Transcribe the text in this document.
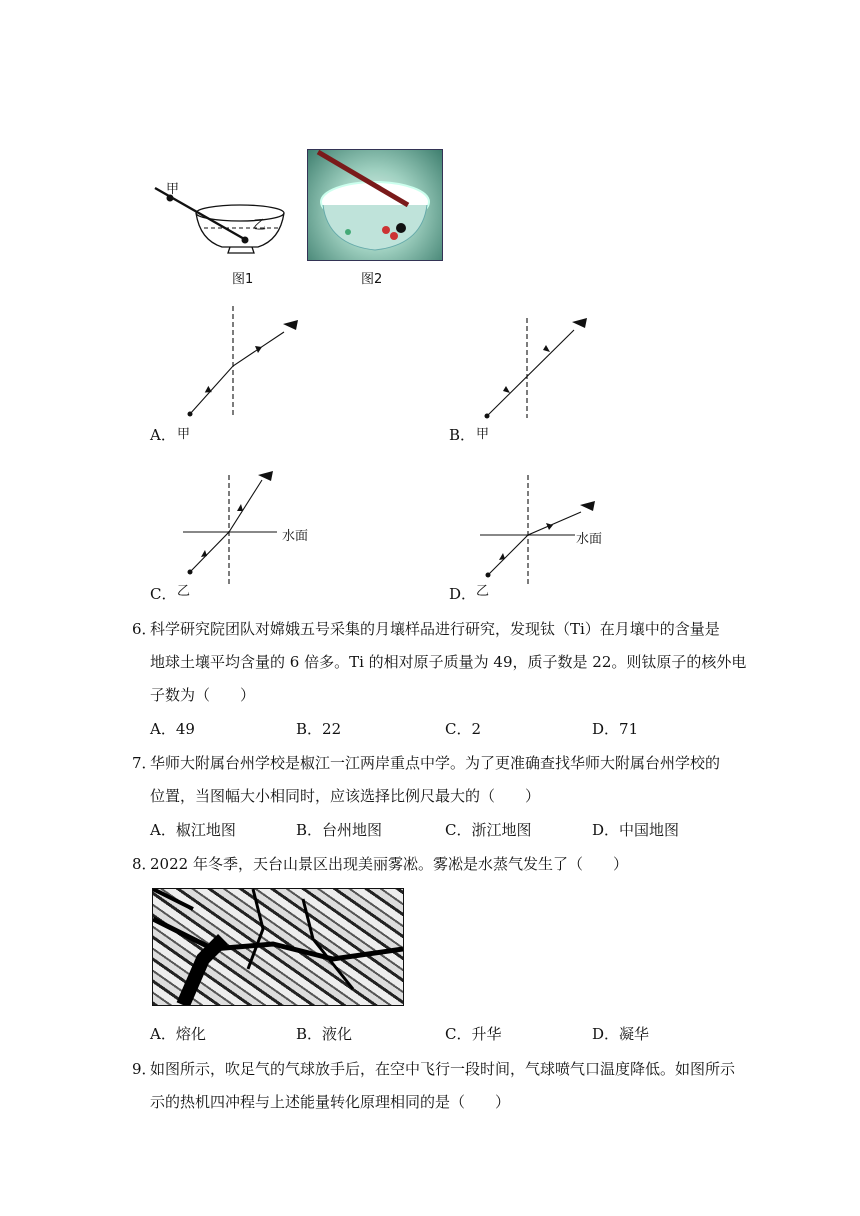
甲
乙
图1	图2
A． 甲	B． 甲
水面
C． 乙
水面
D． 乙
6．
科学研究院团队对嫦娥五号采集的月壤样品进行研究，发现钛（Ti）在月壤中的含量是
地球土壤平均含量的 6 倍多。Ti 的相对原子质量为 49，质子数是 22。则钛原子的核外电
子数为（　　）
A．49	B．22	C．2	D．71
7．
华师大附属台州学校是椒江一江两岸重点中学。为了更准确查找华师大附属台州学校的
位置，当图幅大小相同时，应该选择比例尺最大的（　　）
A．椒江地图	B．台州地图	C．浙江地图	D．中国地图
8．
2022 年冬季，天台山景区出现美丽雾凇。雾凇是水蒸气发生了（　　）
A．熔化	B．液化	C．升华	D．凝华
9．
如图所示，吹足气的气球放手后，在空中飞行一段时间，气球喷气口温度降低。如图所示
示的热机四冲程与上述能量转化原理相同的是（　　）
